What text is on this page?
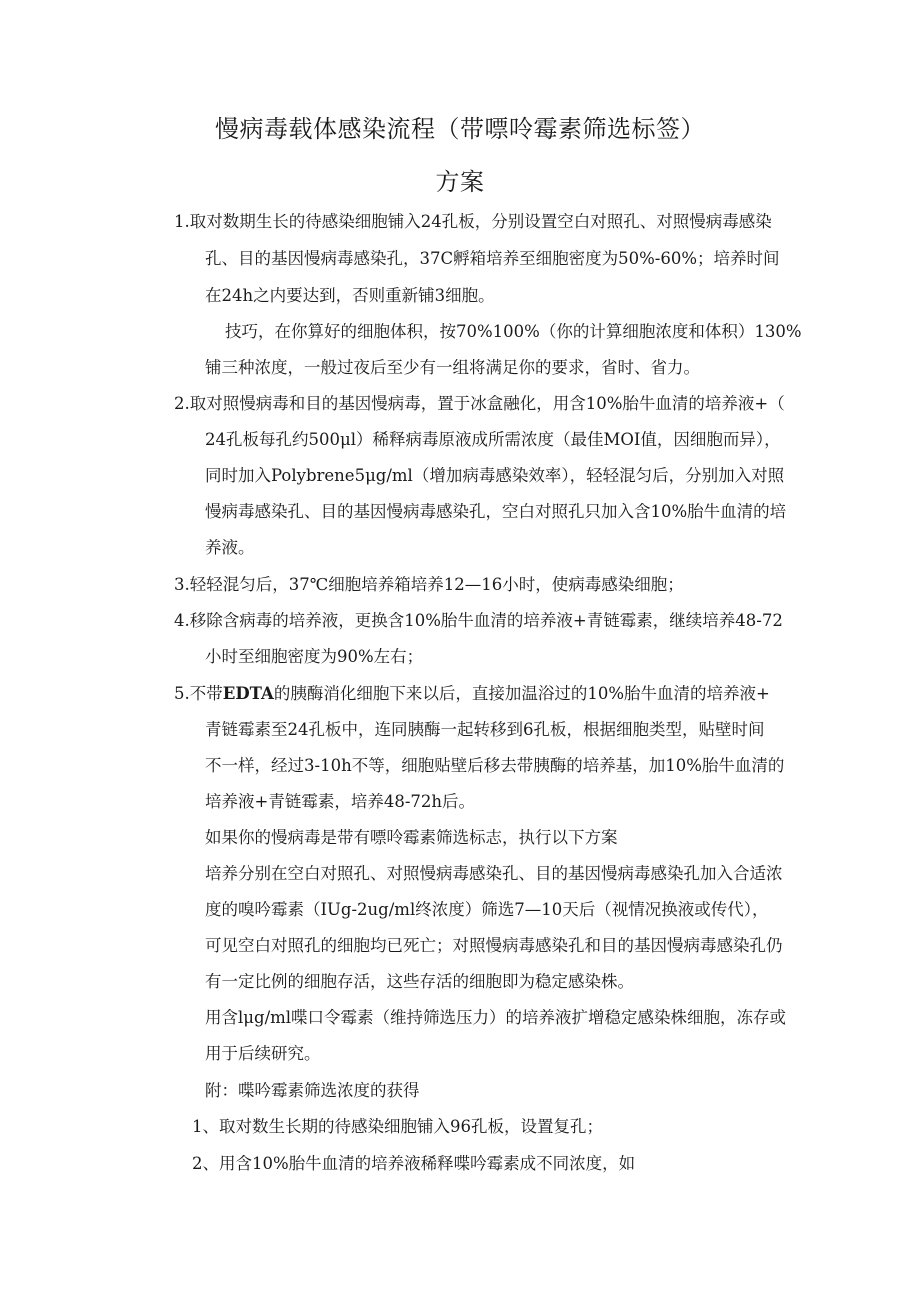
慢病毒载体感染流程（带嘌呤霉素筛选标签）
方案
1.取对数期生长的待感染细胞铺入24孔板，分别设置空白对照孔、对照慢病毒感染
孔、目的基因慢病毒感染孔，37C孵箱培养至细胞密度为50%-60%；培养时间
在24h之内要达到，否则重新铺3细胞。
技巧，在你算好的细胞体积，按70%100%（你的计算细胞浓度和体积）130%
铺三种浓度，一般过夜后至少有一组将满足你的要求，省时、省力。
2.取对照慢病毒和目的基因慢病毒，置于冰盒融化，用含10%胎牛血清的培养液+（
24孔板每孔约500μl）稀释病毒原液成所需浓度（最佳MOI值，因细胞而异），
同时加入Polybrene5μg/ml（增加病毒感染效率），轻轻混匀后，分别加入对照
慢病毒感染孔、目的基因慢病毒感染孔，空白对照孔只加入含10%胎牛血清的培
养液。
3.轻轻混匀后，37℃细胞培养箱培养12—16小时，使病毒感染细胞；
4.移除含病毒的培养液，更换含10%胎牛血清的培养液+青链霉素，继续培养48-72
小时至细胞密度为90%左右；
5.不带EDTA的胰酶消化细胞下来以后，直接加温浴过的10%胎牛血清的培养液+
青链霉素至24孔板中，连同胰酶一起转移到6孔板，根据细胞类型，贴壁时间
不一样，经过3-10h不等，细胞贴壁后移去带胰酶的培养基，加10%胎牛血清的
培养液+青链霉素，培养48-72h后。
如果你的慢病毒是带有嘌呤霉素筛选标志，执行以下方案
培养分别在空白对照孔、对照慢病毒感染孔、目的基因慢病毒感染孔加入合适浓
度的嗅吟霉素（IUg-2ug/ml终浓度）筛选7—10天后（视情况换液或传代），
可见空白对照孔的细胞均已死亡；对照慢病毒感染孔和目的基因慢病毒感染孔仍
有一定比例的细胞存活，这些存活的细胞即为稳定感染株。
用含lμg/ml喋口令霉素（维持筛选压力）的培养液扩增稳定感染株细胞，冻存或
用于后续研究。
附：喋吟霉素筛选浓度的获得
1、取对数生长期的待感染细胞铺入96孔板，设置复孔；
2、用含10%胎牛血清的培养液稀释喋吟霉素成不同浓度，如
